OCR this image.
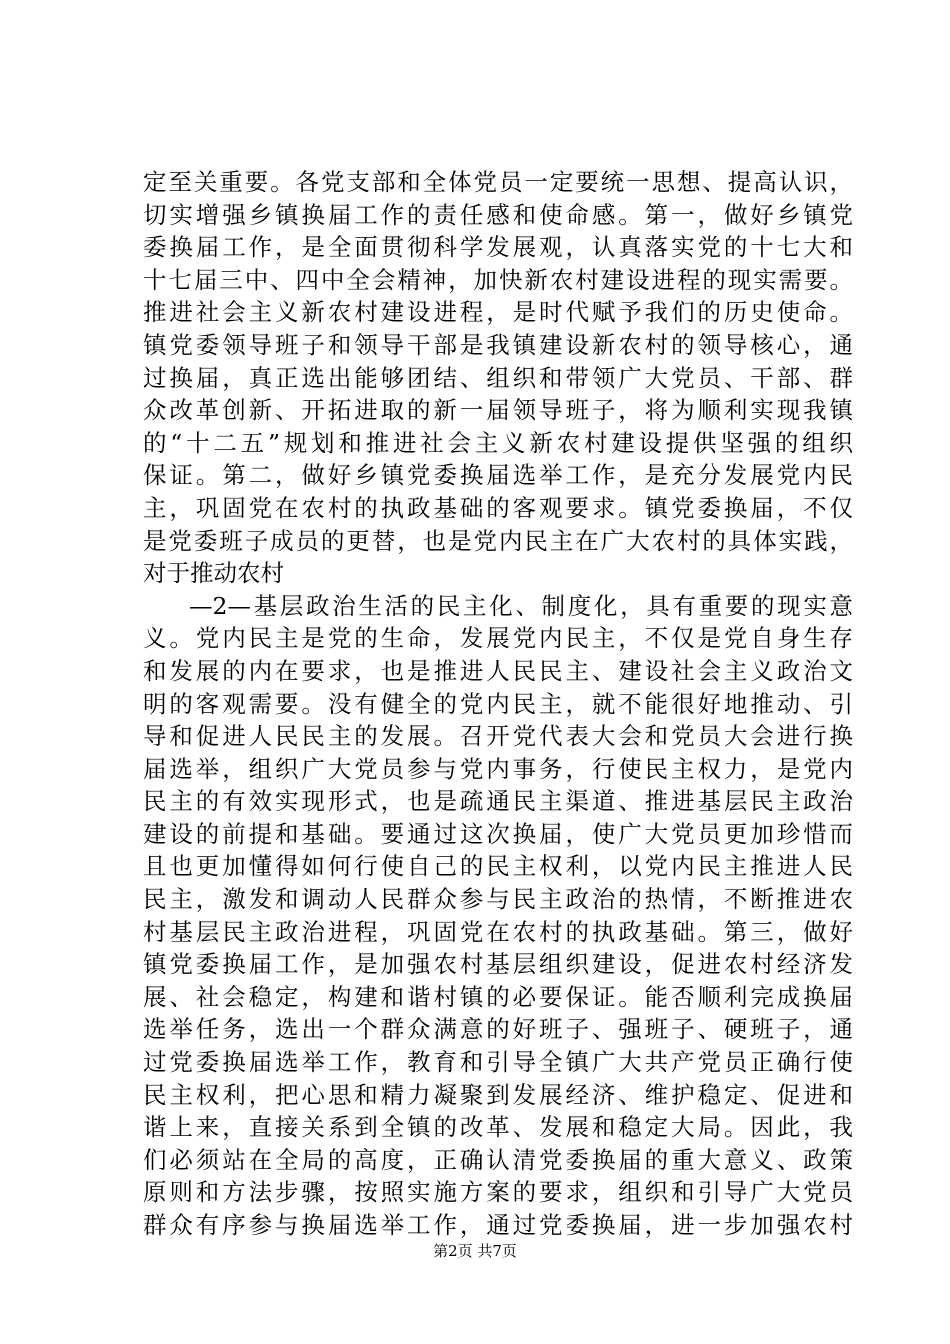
定至关重要。各党支部和全体党员一定要统一思想、提高认识，
切实增强乡镇换届工作的责任感和使命感。第一，做好乡镇党
委换届工作，是全面贯彻科学发展观，认真落实党的十七大和
十七届三中、四中全会精神，加快新农村建设进程的现实需要。
推进社会主义新农村建设进程，是时代赋予我们的历史使命。
镇党委领导班子和领导干部是我镇建设新农村的领导核心，通
过换届，真正选出能够团结、组织和带领广大党员、干部、群
众改革创新、开拓进取的新一届领导班子，将为顺利实现我镇
的“十二五”规划和推进社会主义新农村建设提供坚强的组织
保证。第二，做好乡镇党委换届选举工作，是充分发展党内民
主，巩固党在农村的执政基础的客观要求。镇党委换届，不仅
是党委班子成员的更替，也是党内民主在广大农村的具体实践，
对于推动农村
—2—基层政治生活的民主化、制度化，具有重要的现实意
义。党内民主是党的生命，发展党内民主，不仅是党自身生存
和发展的内在要求，也是推进人民民主、建设社会主义政治文
明的客观需要。没有健全的党内民主，就不能很好地推动、引
导和促进人民民主的发展。召开党代表大会和党员大会进行换
届选举，组织广大党员参与党内事务，行使民主权力，是党内
民主的有效实现形式，也是疏通民主渠道、推进基层民主政治
建设的前提和基础。要通过这次换届，使广大党员更加珍惜而
且也更加懂得如何行使自己的民主权利，以党内民主推进人民
民主，激发和调动人民群众参与民主政治的热情，不断推进农
村基层民主政治进程，巩固党在农村的执政基础。第三，做好
镇党委换届工作，是加强农村基层组织建设，促进农村经济发
展、社会稳定，构建和谐村镇的必要保证。能否顺利完成换届
选举任务，选出一个群众满意的好班子、强班子、硬班子，通
过党委换届选举工作，教育和引导全镇广大共产党员正确行使
民主权利，把心思和精力凝聚到发展经济、维护稳定、促进和
谐上来，直接关系到全镇的改革、发展和稳定大局。因此，我
们必须站在全局的高度，正确认清党委换届的重大意义、政策
原则和方法步骤，按照实施方案的要求，组织和引导广大党员
群众有序参与换届选举工作，通过党委换届，进一步加强农村
第2页 共7页
